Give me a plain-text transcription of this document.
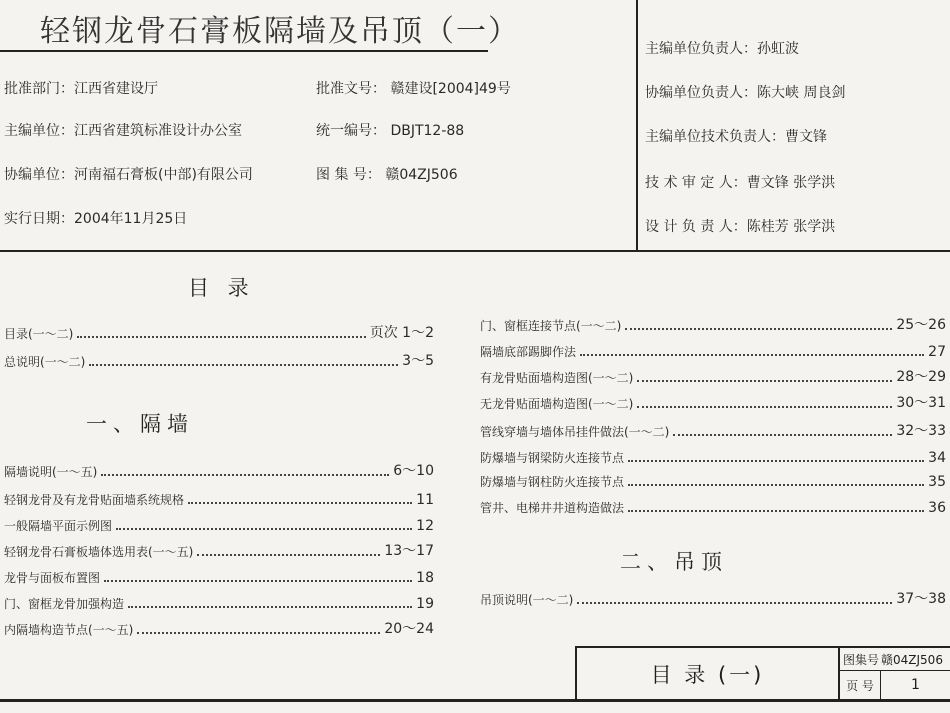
轻钢龙骨石膏板隔墙及吊顶（一）
批准部门：江西省建设厅
主编单位：江西省建筑标准设计办公室
协编单位：河南福石膏板(中部)有限公司
实行日期：2004年11月25日
批准文号： 赣建设[2004]49号
统一编号： DBJT12-88
图 集 号： 赣04ZJ506
主编单位负责人：孙虹波
协编单位负责人：陈大峡 周良剑
主编单位技术负责人：曹文锋
技 术 审 定 人：曹文锋 张学洪
设 计 负 责 人：陈桂芳 张学洪
目 录
一、隔墙
二、吊顶
目录(一～二)	页次 1～2
总说明(一～二)	3～5
隔墙说明(一～五)	6～10
轻钢龙骨及有龙骨贴面墙系统规格	11
一般隔墙平面示例图	12
轻钢龙骨石膏板墙体选用表(一～五)	13～17
龙骨与面板布置图	18
门、窗框龙骨加强构造	19
内隔墙构造节点(一～五)	20～24
门、窗框连接节点(一～二)	25～26
隔墙底部踢脚作法	27
有龙骨贴面墙构造图(一～二)	28～29
无龙骨贴面墙构造图(一～二)	30～31
管线穿墙与墙体吊挂件做法(一～二)	32～33
防爆墙与钢梁防火连接节点	34
防爆墙与钢柱防火连接节点	35
管井、电梯井井道构造做法	36
吊顶说明(一～二)	37～38
目 录 (一)
图集号 赣04ZJ506
页 号	1
